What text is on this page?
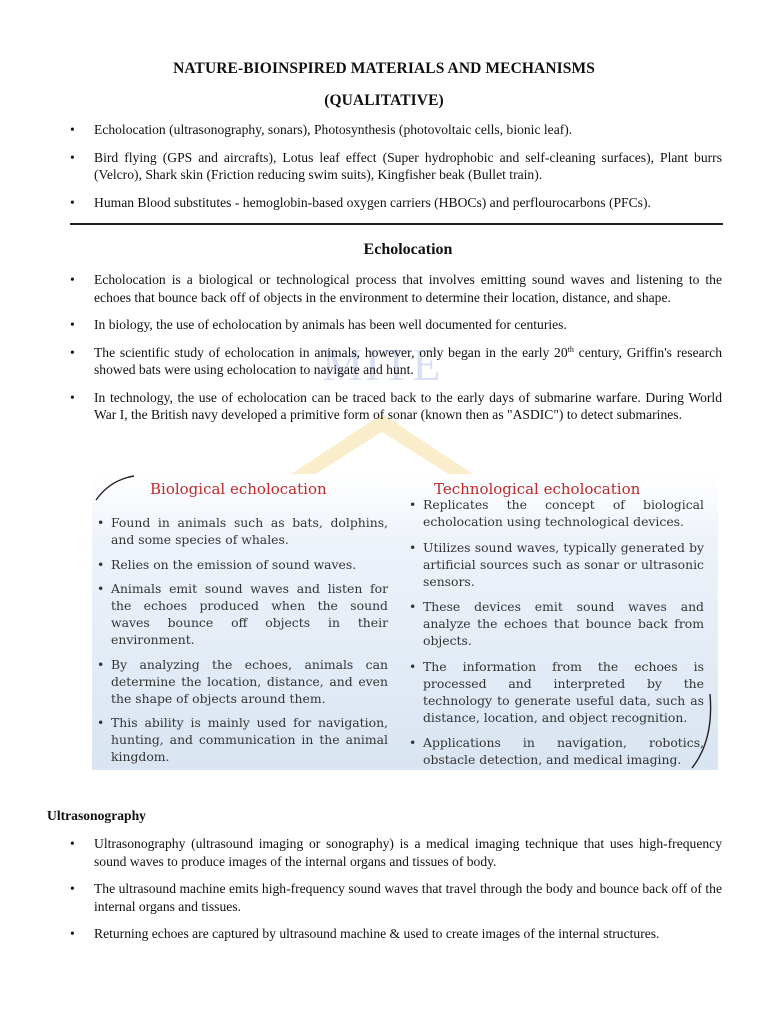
MITE
NATURE-BIOINSPIRED MATERIALS AND MECHANISMS
(QUALITATIVE)
• Echolocation (ultrasonography, sonars), Photosynthesis (photovoltaic cells, bionic leaf).
• Bird flying (GPS and aircrafts), Lotus leaf effect (Super hydrophobic and self-cleaning surfaces), Plant burrs (Velcro), Shark skin (Friction reducing swim suits), Kingfisher beak (Bullet train).
• Human Blood substitutes - hemoglobin-based oxygen carriers (HBOCs) and perflourocarbons (PFCs).
Echolocation
• Echolocation is a biological or technological process that involves emitting sound waves and listening to the echoes that bounce back off of objects in the environment to determine their location, distance, and shape.
• In biology, the use of echolocation by animals has been well documented for centuries.
• The scientific study of echolocation in animals, however, only began in the early 20th century, Griffin's research showed bats were using echolocation to navigate and hunt.
• In technology, the use of echolocation can be traced back to the early days of submarine warfare. During World War I, the British navy developed a primitive form of sonar (known then as "ASDIC") to detect submarines.
Biological echolocation
• Found in animals such as bats, dolphins, and some species of whales.
• Relies on the emission of sound waves.
• Animals emit sound waves and listen for the echoes produced when the sound waves bounce off objects in their environment.
• By analyzing the echoes, animals can determine the location, distance, and even the shape of objects around them.
• This ability is mainly used for navigation, hunting, and communication in the animal kingdom.
Technological echolocation
• Replicates the concept of biological echolocation using technological devices.
• Utilizes sound waves, typically generated by artificial sources such as sonar or ultrasonic sensors.
• These devices emit sound waves and analyze the echoes that bounce back from objects.
• The information from the echoes is processed and interpreted by the technology to generate useful data, such as distance, location, and object recognition.
• Applications in navigation, robotics, obstacle detection, and medical imaging.
Ultrasonography
• Ultrasonography (ultrasound imaging or sonography) is a medical imaging technique that uses high-frequency sound waves to produce images of the internal organs and tissues of body.
• The ultrasound machine emits high-frequency sound waves that travel through the body and bounce back off of the internal organs and tissues.
• Returning echoes are captured by ultrasound machine & used to create images of the internal structures.
